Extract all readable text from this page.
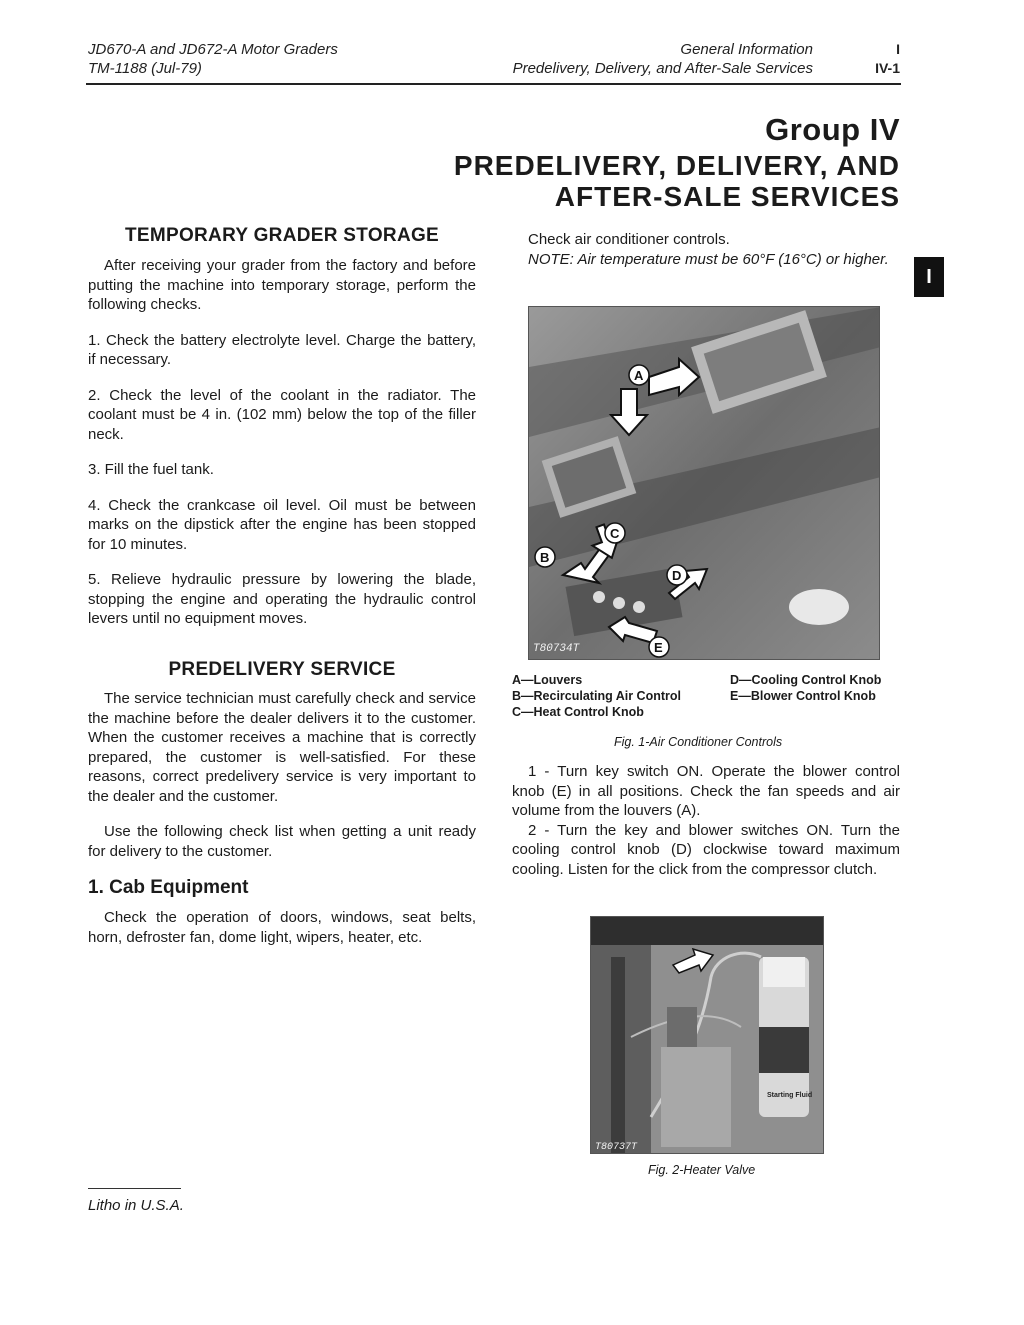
JD670-A and JD672-A Motor Graders
TM-1188 (Jul-79)
General Information
Predelivery, Delivery, and After-Sale Services
I
IV-1
Group IV
PREDELIVERY, DELIVERY, AND
AFTER-SALE SERVICES
TEMPORARY GRADER STORAGE

After receiving your grader from the factory and before putting the machine into temporary storage, perform the following checks.

1. Check the battery electrolyte level. Charge the battery, if necessary.

2. Check the level of the coolant in the radiator. The coolant must be 4 in. (102 mm) below the top of the filler neck.

3. Fill the fuel tank.

4. Check the crankcase oil level. Oil must be between marks on the dipstick after the engine has been stopped for 10 minutes.

5. Relieve hydraulic pressure by lowering the blade, stopping the engine and operating the hydraulic control levers until no equipment moves.

PREDELIVERY SERVICE

The service technician must carefully check and service the machine before the dealer delivers it to the customer. When the customer receives a machine that is correctly prepared, the customer is well-satisfied. For these reasons, correct predelivery service is very important to the dealer and the customer.

Use the following check list when getting a unit ready for delivery to the customer.

1. Cab Equipment

Check the operation of doors, windows, seat belts, horn, defroster fan, dome light, wipers, heater, etc.

Check air conditioner controls.

NOTE: Air temperature must be 60°F (16°C) or higher.

I
A
B
C
D
E
T80734T
A—Louvers
B—Recirculating Air Control
C—Heat Control Knob
D—Cooling Control Knob
E—Blower Control Knob
Fig. 1-Air Conditioner Controls

1 - Turn key switch ON. Operate the blower control knob (E) in all positions. Check the fan speeds and air volume from the louvers (A).

2 - Turn the key and blower switches ON. Turn the cooling control knob (D) clockwise toward maximum cooling. Listen for the click from the compressor clutch.

Starting Fluid
T80737T
Fig. 2-Heater Valve
Litho in U.S.A.
